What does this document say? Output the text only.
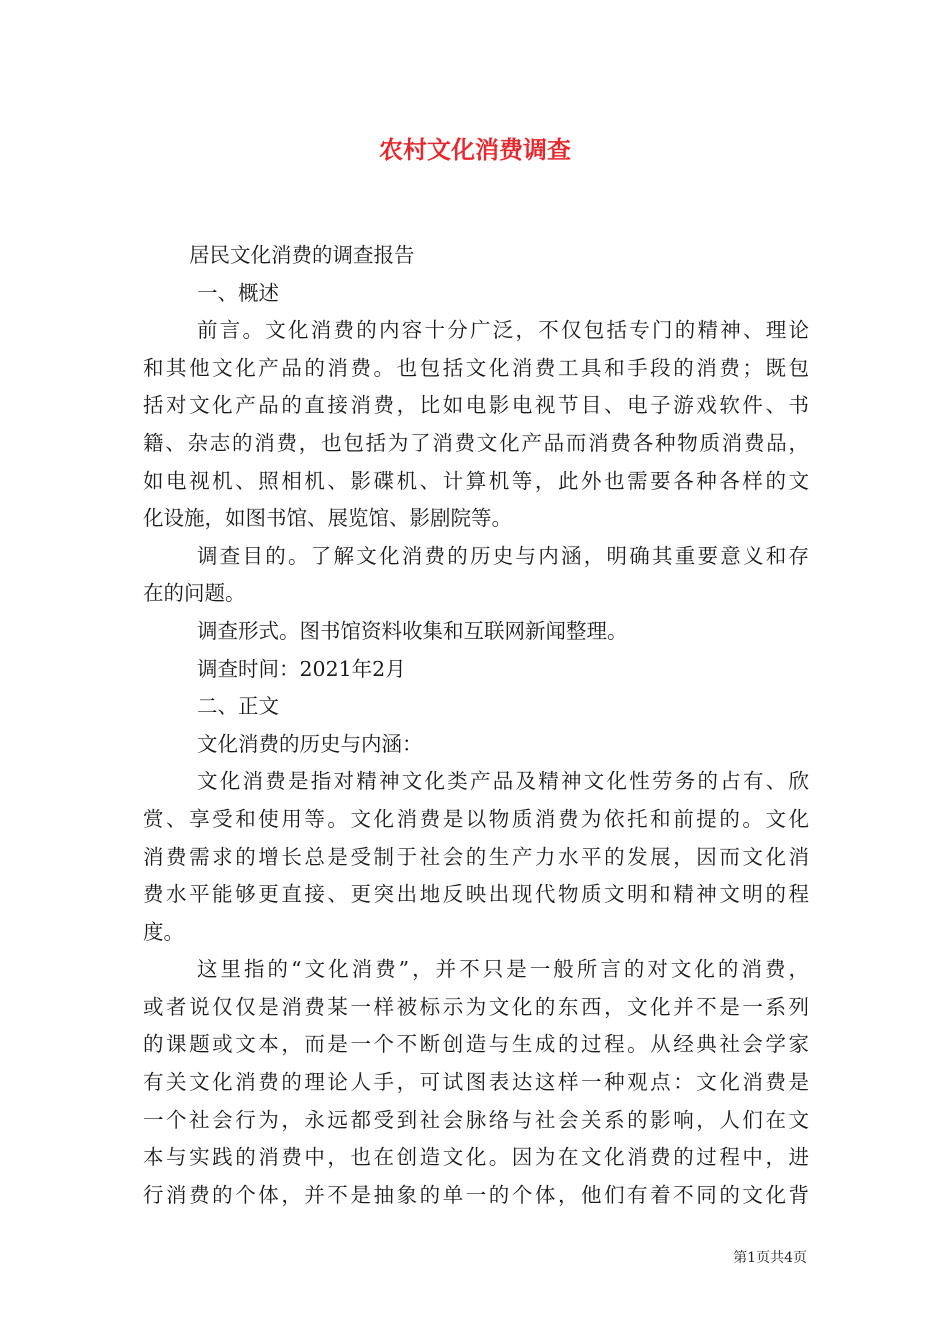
农村文化消费调查

居民文化消费的调查报告

一、概述

前言。文化消费的内容十分广泛，不仅包括专门的精神、理论

和其他文化产品的消费。也包括文化消费工具和手段的消费；既包

括对文化产品的直接消费，比如电影电视节目、电子游戏软件、书

籍、杂志的消费，也包括为了消费文化产品而消费各种物质消费品，

如电视机、照相机、影碟机、计算机等，此外也需要各种各样的文

化设施，如图书馆、展览馆、影剧院等。

调查目的。了解文化消费的历史与内涵，明确其重要意义和存

在的问题。

调查形式。图书馆资料收集和互联网新闻整理。

调查时间：2021年2月

二、正文

文化消费的历史与内涵：

文化消费是指对精神文化类产品及精神文化性劳务的占有、欣

赏、享受和使用等。文化消费是以物质消费为依托和前提的。文化

消费需求的增长总是受制于社会的生产力水平的发展，因而文化消

费水平能够更直接、更突出地反映出现代物质文明和精神文明的程

度。

这里指的“文化消费”，并不只是一般所言的对文化的消费，

或者说仅仅是消费某一样被标示为文化的东西，文化并不是一系列

的课题或文本，而是一个不断创造与生成的过程。从经典社会学家

有关文化消费的理论人手，可试图表达这样一种观点：文化消费是

一个社会行为，永远都受到社会脉络与社会关系的影响，人们在文

本与实践的消费中，也在创造文化。因为在文化消费的过程中，进

行消费的个体，并不是抽象的单一的个体，他们有着不同的文化背

第1页共4页
